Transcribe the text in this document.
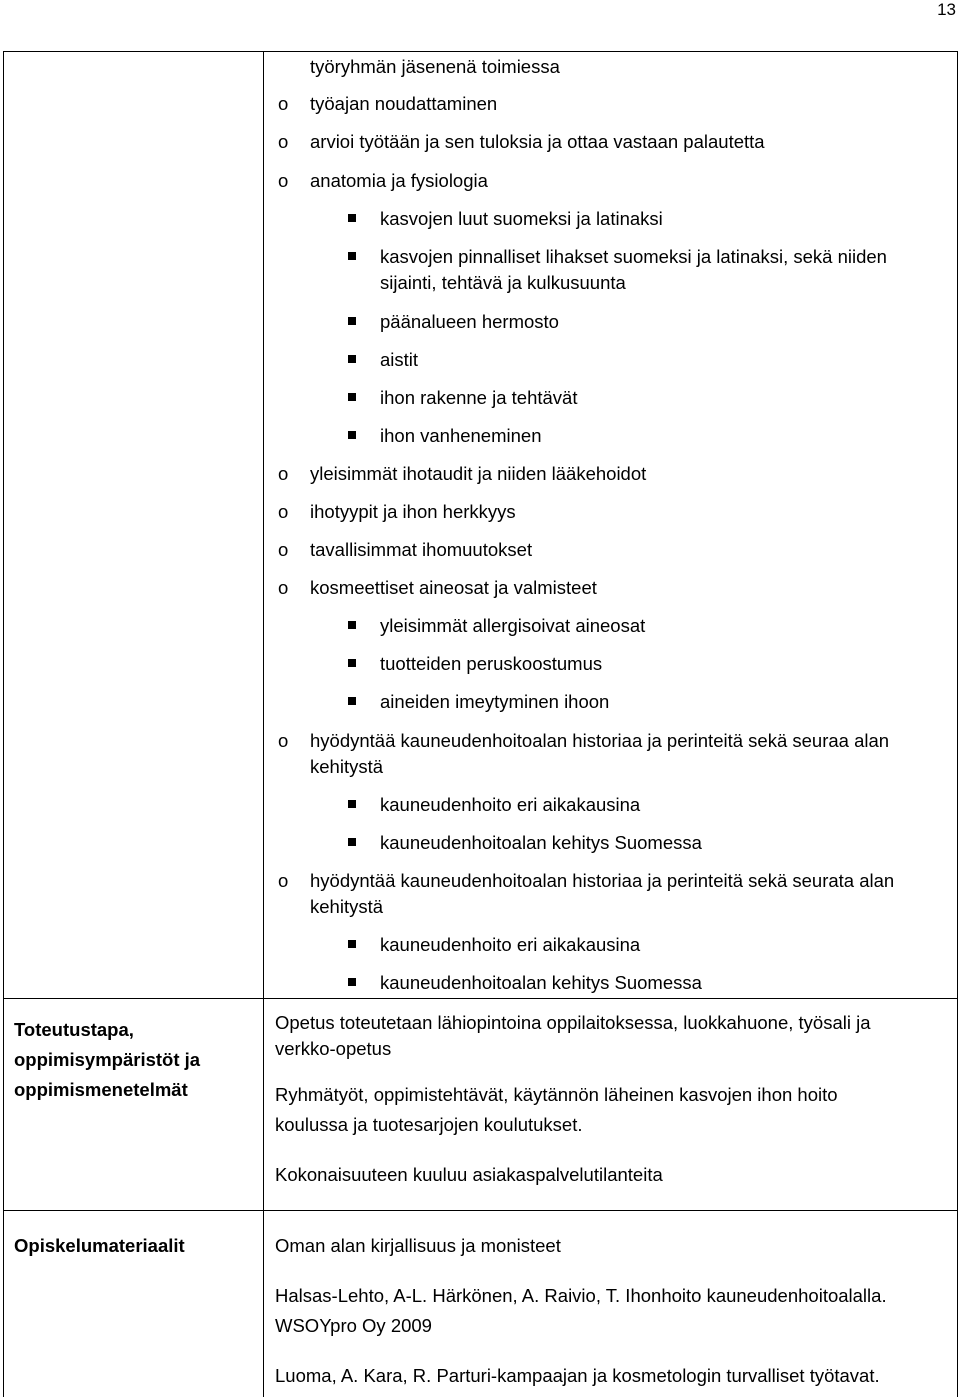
13
työryhmän jäsenenä toimiessa
työajan noudattaminen
o
arvioi työtään ja sen tuloksia ja ottaa vastaan palautetta
o
anatomia ja fysiologia
o
kasvojen luut suomeksi ja latinaksi
kasvojen pinnalliset lihakset suomeksi ja latinaksi, sekä niiden
sijainti, tehtävä ja kulkusuunta
päänalueen hermosto
aistit
ihon rakenne ja tehtävät
ihon vanheneminen
yleisimmät ihotaudit ja niiden lääkehoidot
o
ihotyypit ja ihon herkkyys
o
tavallisimmat ihomuutokset
o
kosmeettiset aineosat ja valmisteet
o
yleisimmät allergisoivat aineosat
tuotteiden peruskoostumus
aineiden imeytyminen ihoon
hyödyntää kauneudenhoitoalan historiaa ja perinteitä sekä seuraa alan
o
kehitystä
kauneudenhoito eri aikakausina
kauneudenhoitoalan kehitys Suomessa
hyödyntää kauneudenhoitoalan historiaa ja perinteitä sekä seurata alan
o
kehitystä
kauneudenhoito eri aikakausina
kauneudenhoitoalan kehitys Suomessa
Toteutustapa,
oppimisympäristöt ja
oppimismenetelmät
Opetus toteutetaan lähiopintoina oppilaitoksessa, luokkahuone, työsali ja
verkko-opetus
Ryhmätyöt, oppimistehtävät, käytännön läheinen kasvojen ihon hoito
koulussa ja tuotesarjojen koulutukset.
Kokonaisuuteen kuuluu asiakaspalvelutilanteita
Opiskelumateriaalit	Oman alan kirjallisuus ja monisteet
Halsas-Lehto, A-L. Härkönen, A. Raivio, T. Ihonhoito kauneudenhoitoalalla.
WSOYpro Oy 2009
Luoma, A. Kara, R. Parturi-kampaajan ja kosmetologin turvalliset työtavat.
